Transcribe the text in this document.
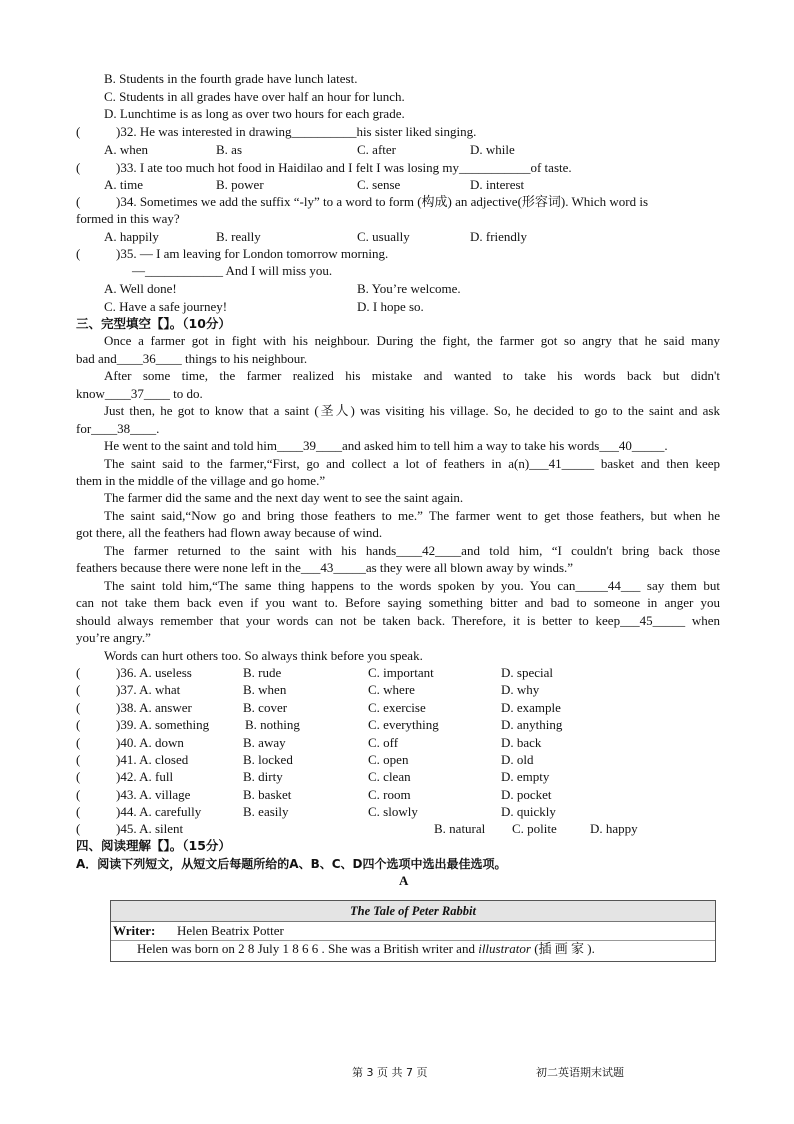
B. Students in the fourth grade have lunch latest.
C. Students in all grades have over half an hour for lunch.
D. Lunchtime is as long as over two hours for each grade.
(	)32. He was interested in drawing__________his sister liked singing.
A. when	B. as	C. after	D. while
(	)33. I ate too much hot food in Haidilao and I felt I was losing my___________of taste.
A. time	B. power	C. sense	D. interest
(	)34. Sometimes we add the suffix “-ly” to a word to form (构成) an adjective(形容词). Which word is
formed in this way?
A. happily	B. really	C. usually	D. friendly
(	)35. — I am leaving for London tomorrow morning.
—____________ And I will miss you.
A. Well done!	B. You’re welcome.
C. Have a safe journey!	D. I hope so.
三、完型填空【】。（10分）
Once a farmer got in fight with his neighbour. During the fight, the farmer got so angry that he said many
bad and____36____ things to his neighbour.
After some time, the farmer realized his mistake and wanted to take his words back but didn't
know____37____ to do.
Just then, he got to know that a saint (圣人) was visiting his village. So, he decided to go to the saint and ask
for____38____.
He went to the saint and told him____39____and asked him to tell him a way to take his words___40_____.
The saint said to the farmer,“First, go and collect a lot of feathers in a(n)___41_____ basket and then keep
them in the middle of the village and go home.”
The farmer did the same and the next day went to see the saint again.
The saint said,“Now go and bring those feathers to me.” The farmer went to get those feathers, but when he
got there, all the feathers had flown away because of wind.
The farmer returned to the saint with his hands____42____and told him, “I couldn't bring back those
feathers because there were none left in the___43_____as they were all blown away by winds.”
The saint told him,“The same thing happens to the words spoken by you. You can_____44___ say them but
can not take them back even if you want to. Before saying something bitter and bad to someone in anger you
should always remember that your words can not be taken back. Therefore, it is better to keep___45_____ when
you’re angry.”
Words can hurt others too. So always think before you speak.
(	)36. A. useless	B. rude	C. important	D. special
(	)37. A. what	B. when	C. where	D. why
(	)38. A. answer	B. cover	C. exercise	D. example
(	)39. A. something	B. nothing	C. everything	D. anything
(	)40. A. down	B. away	C. off	D. back
(	)41. A. closed	B. locked	C. open	D. old
(	)42. A. full	B. dirty	C. clean	D. empty
(	)43. A. village	B. basket	C. room	D. pocket
(	)44. A. carefully	B. easily	C. slowly	D. quickly
(	)45. A. silent	B. natural C. polite	D. happy
四、阅读理解【】。（15分）
A．阅读下列短文，从短文后每题所给的A、B、C、D四个选项中选出最佳选项。
A
The Tale of Peter Rabbit
Writer: Helen Beatrix Potter
Helen was born on 2 8 July 1 8 6 6 . She was a British writer and illustrator (插 画 家 ).
第 3 页 共 7 页	初二英语期末试题
